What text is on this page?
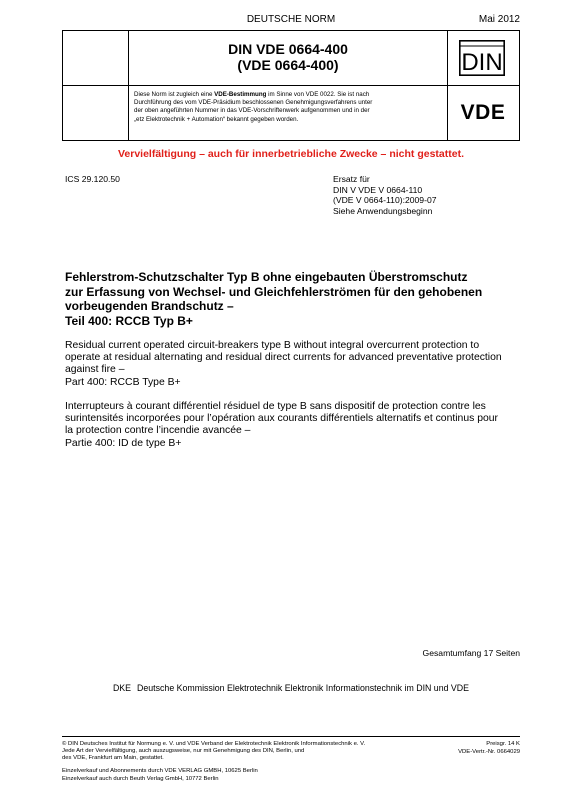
DEUTSCHE NORM	Mai 2012
DIN VDE 0664-400
(VDE 0664-400)
Diese Norm ist zugleich eine VDE-Bestimmung im Sinne von VDE 0022. Sie ist nach
Durchführung des vom VDE-Präsidium beschlossenen Genehmigungsverfahrens unter
der oben angeführten Nummer in das VDE-Vorschriftenwerk aufgenommen und in der
„etz Elektrotechnik + Automation“ bekannt gegeben worden.
DIN
VDE
Vervielfältigung – auch für innerbetriebliche Zwecke – nicht gestattet.
ICS 29.120.50	Ersatz für
DIN V VDE V 0664-110
(VDE V 0664-110):2009-07
Siehe Anwendungsbeginn
Fehlerstrom-Schutzschalter Typ B ohne eingebauten Überstromschutz
zur Erfassung von Wechsel- und Gleichfehlerströmen für den gehobenen
vorbeugenden Brandschutz –
Teil 400: RCCB Typ B+
Residual current operated circuit-breakers type B without integral overcurrent protection to
operate at residual alternating and residual direct currents for advanced preventative protection
against fire –
Part 400: RCCB Type B+
Interrupteurs à courant différentiel résiduel de type B sans dispositif de protection contre les
surintensités incorporées pour l’opération aux courants différentiels alternatifs et continus pour
la protection contre l’incendie avancée –
Partie 400: ID de type B+
Gesamtumfang 17 Seiten
DKE Deutsche Kommission Elektrotechnik Elektronik Informationstechnik im DIN und VDE
© DIN Deutsches Institut für Normung e. V. und VDE Verband der Elektrotechnik Elektronik Informationstechnik e. V.
Jede Art der Vervielfältigung, auch auszugsweise, nur mit Genehmigung des DIN, Berlin, und
des VDE, Frankfurt am Main, gestattet.
Preisgr. 14 K
VDE-Vertr.-Nr. 0664029
Einzelverkauf und Abonnements durch VDE VERLAG GMBH, 10625 Berlin
Einzelverkauf auch durch Beuth Verlag GmbH, 10772 Berlin
